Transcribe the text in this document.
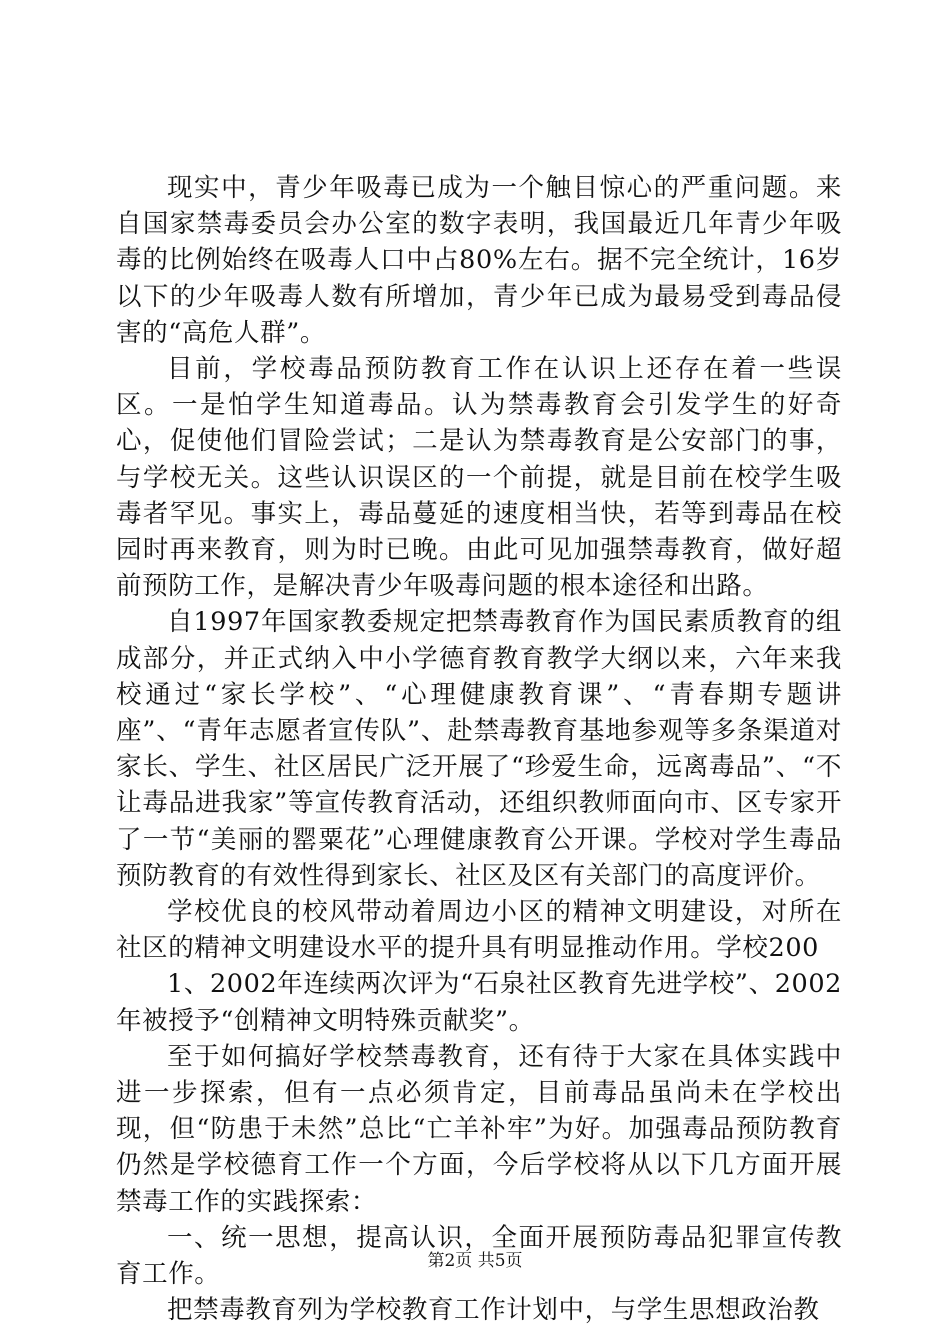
现实中，青少年吸毒已成为一个触目惊心的严重问题。来自国家禁毒委员会办公室的数字表明，我国最近几年青少年吸毒的比例始终在吸毒人口中占80%左右。据不完全统计，16岁以下的少年吸毒人数有所增加，青少年已成为最易受到毒品侵害的“高危人群”。

目前，学校毒品预防教育工作在认识上还存在着一些误区。一是怕学生知道毒品。认为禁毒教育会引发学生的好奇心，促使他们冒险尝试；二是认为禁毒教育是公安部门的事，与学校无关。这些认识误区的一个前提，就是目前在校学生吸毒者罕见。事实上，毒品蔓延的速度相当快，若等到毒品在校园时再来教育，则为时已晚。由此可见加强禁毒教育，做好超前预防工作，是解决青少年吸毒问题的根本途径和出路。

自1997年国家教委规定把禁毒教育作为国民素质教育的组成部分，并正式纳入中小学德育教育教学大纲以来，六年来我校通过“家长学校”、“心理健康教育课”、“青春期专题讲座”、“青年志愿者宣传队”、赴禁毒教育基地参观等多条渠道对家长、学生、社区居民广泛开展了“珍爱生命，远离毒品”、“不让毒品进我家”等宣传教育活动，还组织教师面向市、区专家开了一节“美丽的罂粟花”心理健康教育公开课。学校对学生毒品预防教育的有效性得到家长、社区及区有关部门的高度评价。

学校优良的校风带动着周边小区的精神文明建设，对所在社区的精神文明建设水平的提升具有明显推动作用。学校200

1、2002年连续两次评为“石泉社区教育先进学校”、2002年被授予“创精神文明特殊贡献奖”。

至于如何搞好学校禁毒教育，还有待于大家在具体实践中进一步探索，但有一点必须肯定，目前毒品虽尚未在学校出现，但“防患于未然”总比“亡羊补牢”为好。加强毒品预防教育仍然是学校德育工作一个方面，今后学校将从以下几方面开展禁毒工作的实践探索：

一、统一思想，提高认识，全面开展预防毒品犯罪宣传教育工作。

把禁毒教育列为学校教育工作计划中，与学生思想政治教

第2页 共5页
